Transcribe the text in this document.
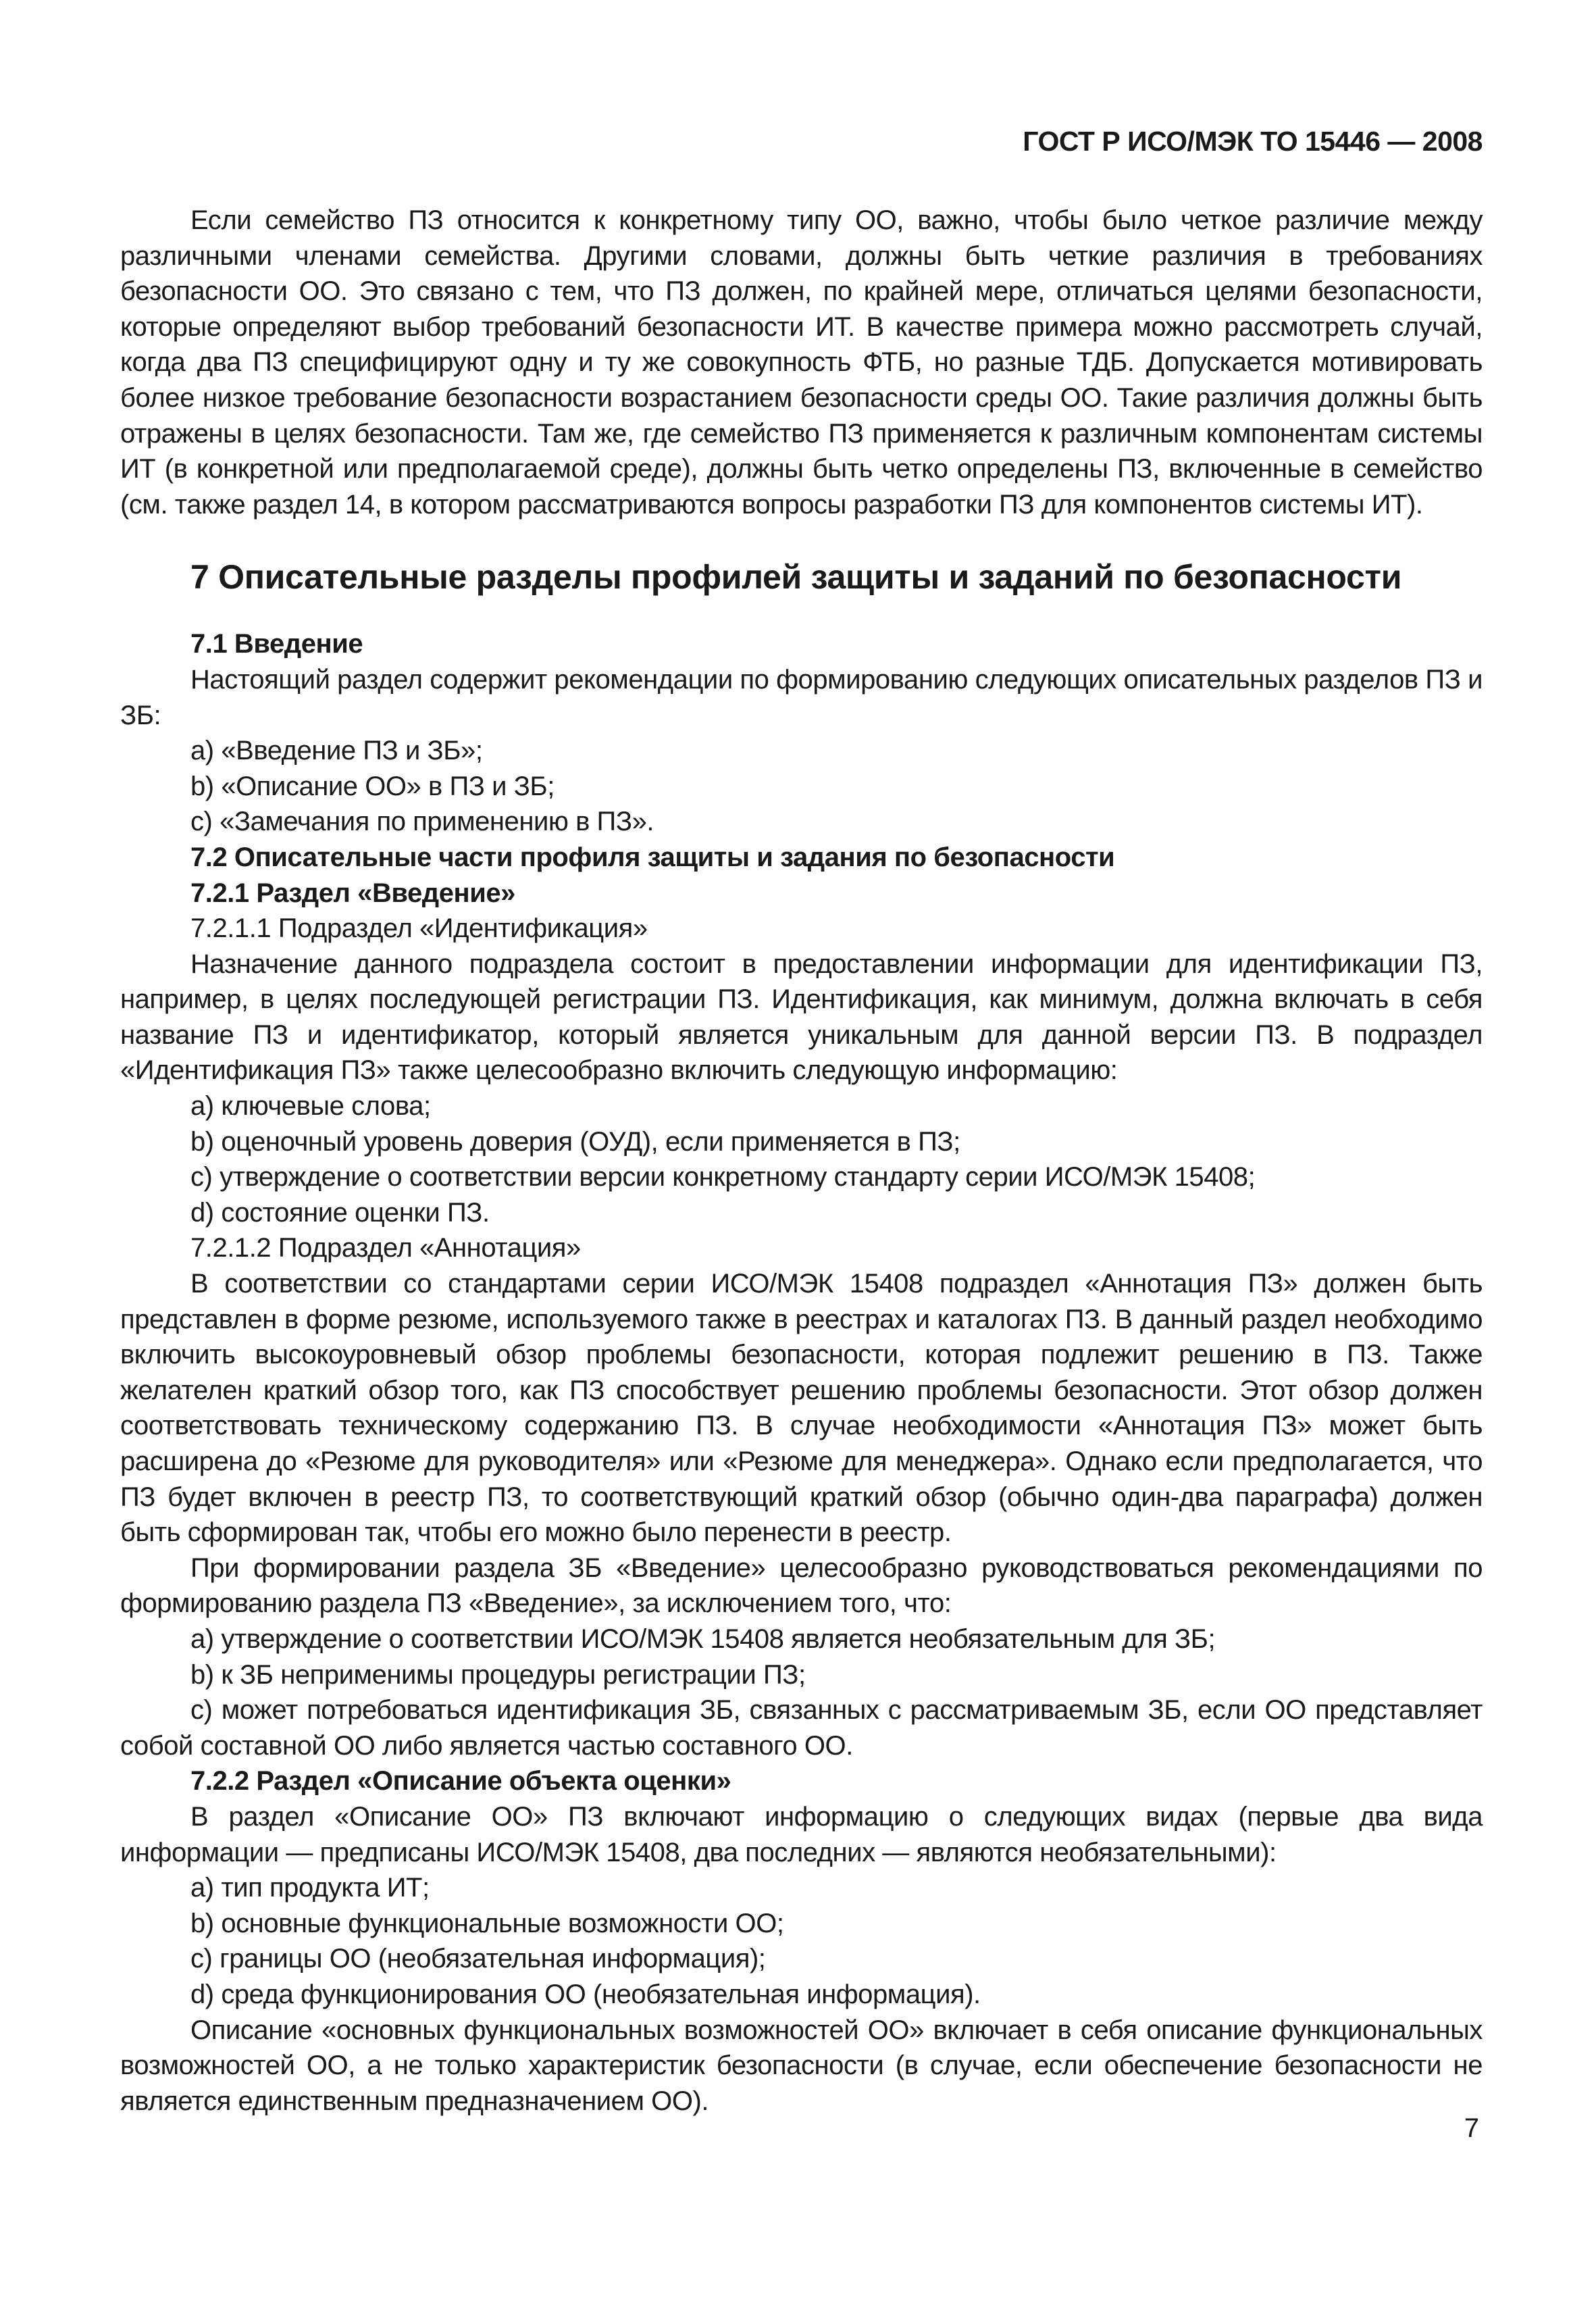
ГОСТ Р ИСО/МЭК ТО 15446 — 2008

Если семейство ПЗ относится к конкретному типу ОО, важно, чтобы было четкое различие между различными членами семейства. Другими словами, должны быть четкие различия в требованиях безопасности ОО. Это связано с тем, что ПЗ должен, по крайней мере, отличаться целями безопасности, которые определяют выбор требований безопасности ИТ. В качестве примера можно рассмотреть случай, когда два ПЗ специфицируют одну и ту же совокупность ФТБ, но разные ТДБ. Допускается мотивировать более низкое требование безопасности возрастанием безопасности среды ОО. Такие различия должны быть отражены в целях безопасности. Там же, где семейство ПЗ применяется к различным компонентам системы ИТ (в конкретной или предполагаемой среде), должны быть четко определены ПЗ, включенные в семейство (см. также раздел 14, в котором рассматриваются вопросы разработки ПЗ для компонентов системы ИТ).

7 Описательные разделы профилей защиты и заданий по безопасности

7.1 Введение

Настоящий раздел содержит рекомендации по формированию следующих описательных разделов ПЗ и ЗБ:

а) «Введение ПЗ и ЗБ»;

b) «Описание ОО» в ПЗ и ЗБ;

с) «Замечания по применению в ПЗ».

7.2 Описательные части профиля защиты и задания по безопасности

7.2.1 Раздел «Введение»

7.2.1.1 Подраздел «Идентификация»

Назначение данного подраздела состоит в предоставлении информации для идентификации ПЗ, например, в целях последующей регистрации ПЗ. Идентификация, как минимум, должна включать в себя название ПЗ и идентификатор, который является уникальным для данной версии ПЗ. В подраздел «Идентификация ПЗ» также целесообразно включить следующую информацию:

а) ключевые слова;

b) оценочный уровень доверия (ОУД), если применяется в ПЗ;

с) утверждение о соответствии версии конкретному стандарту серии ИСО/МЭК 15408;

d) состояние оценки ПЗ.

7.2.1.2 Подраздел «Аннотация»

В соответствии со стандартами серии ИСО/МЭК 15408 подраздел «Аннотация ПЗ» должен быть представлен в форме резюме, используемого также в реестрах и каталогах ПЗ. В данный раздел необходимо включить высокоуровневый обзор проблемы безопасности, которая подлежит решению в ПЗ. Также желателен краткий обзор того, как ПЗ способствует решению проблемы безопасности. Этот обзор должен соответствовать техническому содержанию ПЗ. В случае необходимости «Аннотация ПЗ» может быть расширена до «Резюме для руководителя» или «Резюме для менеджера». Однако если предполагается, что ПЗ будет включен в реестр ПЗ, то соответствующий краткий обзор (обычно один-два параграфа) должен быть сформирован так, чтобы его можно было перенести в реестр.

При формировании раздела ЗБ «Введение» целесообразно руководствоваться рекомендациями по формированию раздела ПЗ «Введение», за исключением того, что:

а) утверждение о соответствии ИСО/МЭК 15408 является необязательным для ЗБ;

b) к ЗБ неприменимы процедуры регистрации ПЗ;

с) может потребоваться идентификация ЗБ, связанных с рассматриваемым ЗБ, если ОО представляет собой составной ОО либо является частью составного ОО.

7.2.2 Раздел «Описание объекта оценки»

В раздел «Описание ОО» ПЗ включают информацию о следующих видах (первые два вида информации — предписаны ИСО/МЭК 15408, два последних — являются необязательными):

а) тип продукта ИТ;

b) основные функциональные возможности ОО;

с) границы ОО (необязательная информация);

d) среда функционирования ОО (необязательная информация).

Описание «основных функциональных возможностей ОО» включает в себя описание функциональных возможностей ОО, а не только характеристик безопасности (в случае, если обеспечение безопасности не является единственным предназначением ОО).

7
